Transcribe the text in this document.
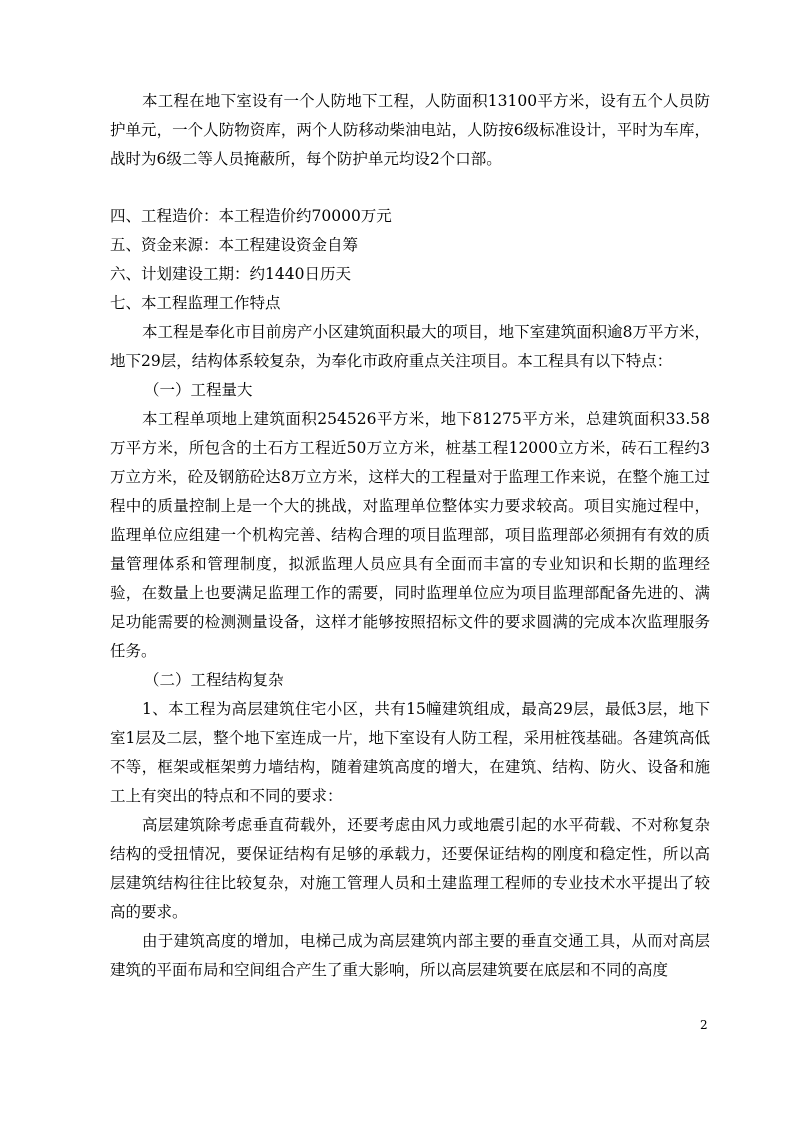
本工程在地下室设有一个人防地下工程，人防面积13100平方米，设有五个人员防护单元，一个人防物资库，两个人防移动柴油电站，人防按6级标准设计，平时为车库，战时为6级二等人员掩蔽所，每个防护单元均设2个口部。

四、工程造价：本工程造价约70000万元

五、资金来源：本工程建设资金自筹

六、计划建设工期：约1440日历天

七、本工程监理工作特点

本工程是奉化市目前房产小区建筑面积最大的项目，地下室建筑面积逾8万平方米，地下29层，结构体系较复杂，为奉化市政府重点关注项目。本工程具有以下特点：

（一）工程量大

本工程单项地上建筑面积254526平方米，地下81275平方米，总建筑面积33.58万平方米，所包含的土石方工程近50万立方米，桩基工程12000立方米，砖石工程约3万立方米，砼及钢筋砼达8万立方米，这样大的工程量对于监理工作来说，在整个施工过程中的质量控制上是一个大的挑战，对监理单位整体实力要求较高。项目实施过程中，监理单位应组建一个机构完善、结构合理的项目监理部，项目监理部必须拥有有效的质量管理体系和管理制度，拟派监理人员应具有全面而丰富的专业知识和长期的监理经验，在数量上也要满足监理工作的需要，同时监理单位应为项目监理部配备先进的、满足功能需要的检测测量设备，这样才能够按照招标文件的要求圆满的完成本次监理服务任务。

（二）工程结构复杂

1、本工程为高层建筑住宅小区，共有15幢建筑组成，最高29层，最低3层，地下室1层及二层，整个地下室连成一片，地下室设有人防工程，采用桩筏基础。各建筑高低不等，框架或框架剪力墙结构，随着建筑高度的增大，在建筑、结构、防火、设备和施工上有突出的特点和不同的要求：

高层建筑除考虑垂直荷载外，还要考虑由风力或地震引起的水平荷载、不对称复杂结构的受扭情况，要保证结构有足够的承载力，还要保证结构的刚度和稳定性，所以高层建筑结构往往比较复杂，对施工管理人员和土建监理工程师的专业技术水平提出了较高的要求。

由于建筑高度的增加，电梯己成为高层建筑内部主要的垂直交通工具，从而对高层建筑的平面布局和空间组合产生了重大影响，所以高层建筑要在底层和不同的高度

2
